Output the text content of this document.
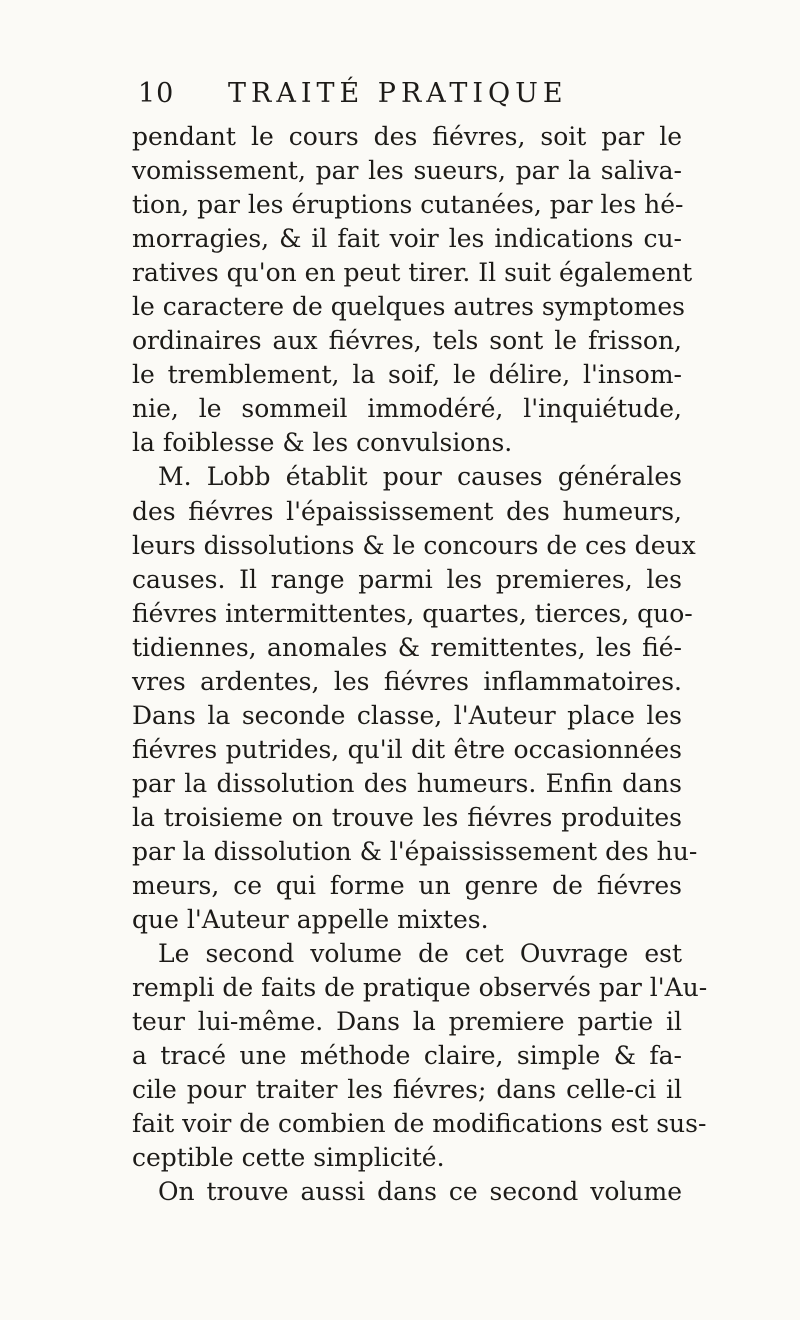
10 TRAITÉ PRATIQUE
pendant le cours des fiévres, soit par le
vomissement, par les sueurs, par la saliva-
tion, par les éruptions cutanées, par les hé-
morragies, & il fait voir les indications cu-
ratives qu'on en peut tirer. Il suit également
le caractere de quelques autres symptomes
ordinaires aux fiévres, tels sont le frisson,
le tremblement, la soif, le délire, l'insom-
nie, le sommeil immodéré, l'inquiétude,
la foiblesse & les convulsions.
M. Lobb établit pour causes générales
des fiévres l'épaississement des humeurs,
leurs dissolutions & le concours de ces deux
causes. Il range parmi les premieres, les
fiévres intermittentes, quartes, tierces, quo-
tidiennes, anomales & remittentes, les fié-
vres ardentes, les fiévres inflammatoires.
Dans la seconde classe, l'Auteur place les
fiévres putrides, qu'il dit être occasionnées
par la dissolution des humeurs. Enfin dans
la troisieme on trouve les fiévres produites
par la dissolution & l'épaississement des hu-
meurs, ce qui forme un genre de fiévres
que l'Auteur appelle mixtes.
Le second volume de cet Ouvrage est
rempli de faits de pratique observés par l'Au-
teur lui-même. Dans la premiere partie il
a tracé une méthode claire, simple & fa-
cile pour traiter les fiévres; dans celle-ci il
fait voir de combien de modifications est sus-
ceptible cette simplicité.
On trouve aussi dans ce second volume
